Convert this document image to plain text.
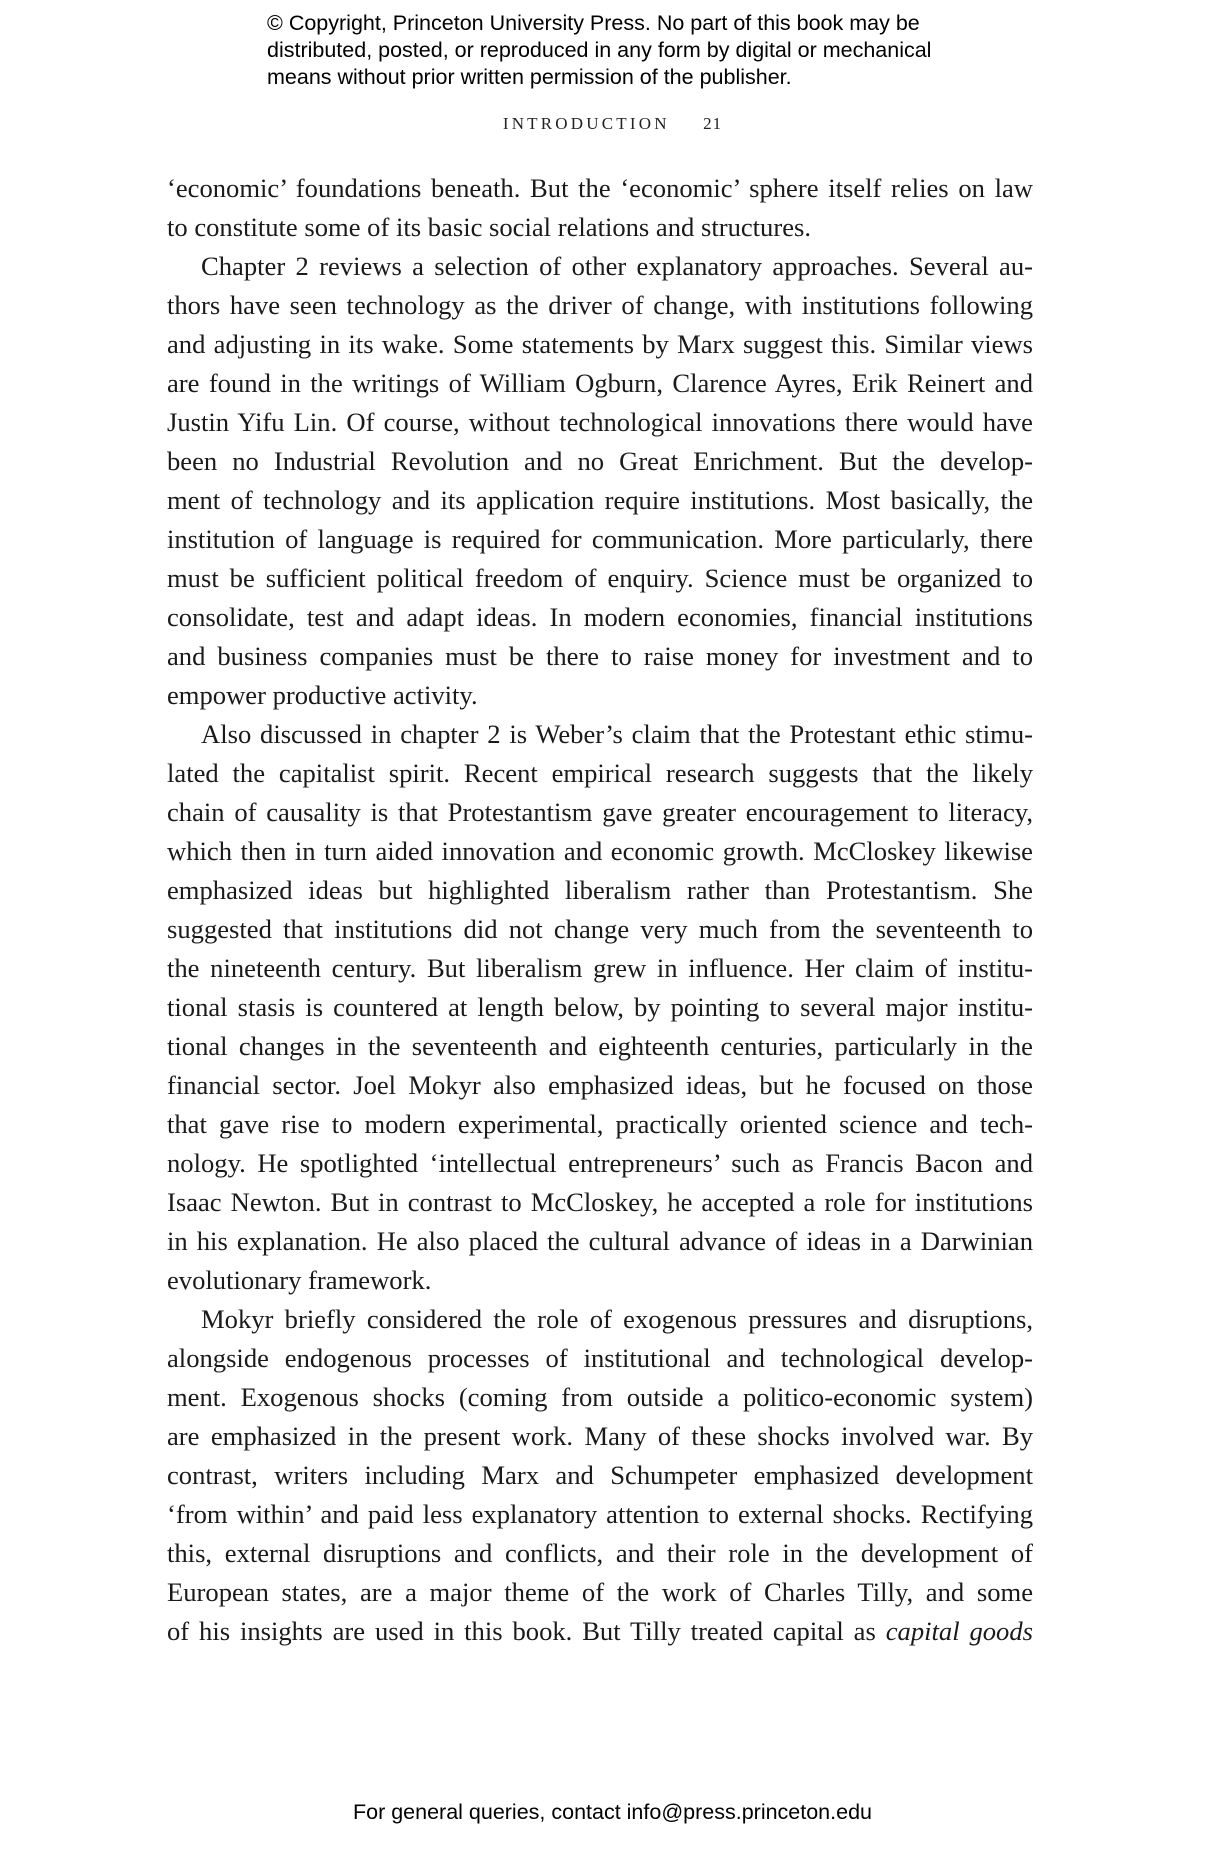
© Copyright, Princeton University Press. No part of this book may be
distributed, posted, or reproduced in any form by digital or mechanical
means without prior written permission of the publisher.
INTRODUCTION 21
‘economic’ foundations beneath. But the ‘economic’ sphere itself relies on law
to constitute some of its basic social relations and structures.
Chapter 2 reviews a selection of other explanatory approaches. Several au-
thors have seen technology as the driver of change, with institutions following
and adjusting in its wake. Some statements by Marx suggest this. Similar views
are found in the writings of William Ogburn, Clarence Ayres, Erik Reinert and
Justin Yifu Lin. Of course, without technological innovations there would have
been no Industrial Revolution and no Great Enrichment. But the develop-
ment of technology and its application require institutions. Most basically, the
institution of language is required for communication. More particularly, there
must be sufficient political freedom of enquiry. Science must be organized to
consolidate, test and adapt ideas. In modern economies, financial institutions
and business companies must be there to raise money for investment and to
empower productive activity.
Also discussed in chapter 2 is Weber’s claim that the Protestant ethic stimu-
lated the capitalist spirit. Recent empirical research suggests that the likely
chain of causality is that Protestantism gave greater encouragement to literacy,
which then in turn aided innovation and economic growth. McCloskey likewise
emphasized ideas but highlighted liberalism rather than Protestantism. She
suggested that institutions did not change very much from the seventeenth to
the nineteenth century. But liberalism grew in influence. Her claim of institu-
tional stasis is countered at length below, by pointing to several major institu-
tional changes in the seventeenth and eighteenth centuries, particularly in the
financial sector. Joel Mokyr also emphasized ideas, but he focused on those
that gave rise to modern experimental, practically oriented science and tech-
nology. He spotlighted ‘intellectual entrepreneurs’ such as Francis Bacon and
Isaac Newton. But in contrast to McCloskey, he accepted a role for institutions
in his explanation. He also placed the cultural advance of ideas in a Darwinian
evolutionary framework.
Mokyr briefly considered the role of exogenous pressures and disruptions,
alongside endogenous processes of institutional and technological develop-
ment. Exogenous shocks (coming from outside a politico-economic system)
are emphasized in the present work. Many of these shocks involved war. By
contrast, writers including Marx and Schumpeter emphasized development
‘from within’ and paid less explanatory attention to external shocks. Rectifying
this, external disruptions and conflicts, and their role in the development of
European states, are a major theme of the work of Charles Tilly, and some
of his insights are used in this book. But Tilly treated capital as capital goods
For general queries, contact info@press.princeton.edu
